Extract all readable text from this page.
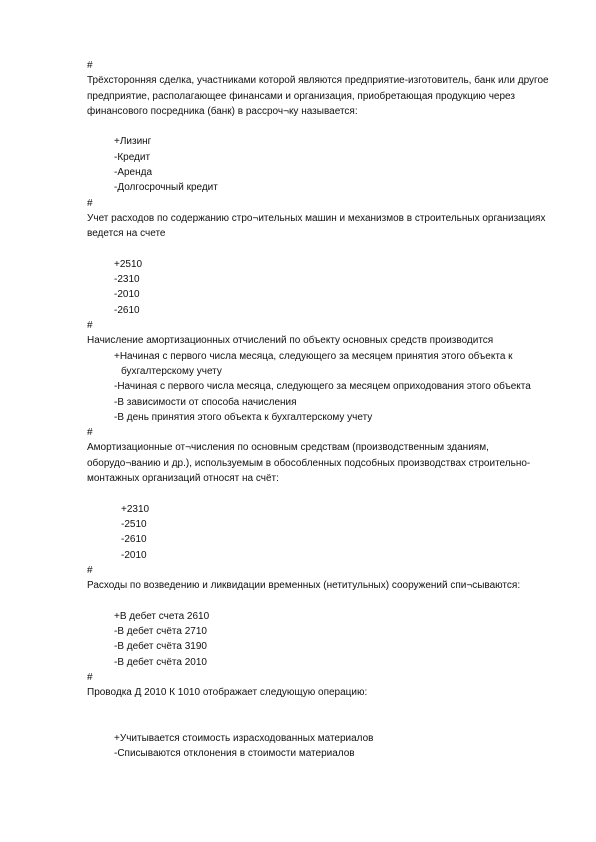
#
Трёхсторонняя сделка, участниками которой являются предприятие-изготовитель, банк или другое предприятие, располагающее финансами и организация, приобретающая продукцию через финансового посредника (банк) в рассроч¬ку называется:
+Лизинг
-Кредит
-Аренда
-Долгосрочный кредит
#
Учет расходов по содержанию стро¬ительных машин и механизмов в строительных организациях ведется на счете
+2510
-2310
-2010
-2610
#
Начисление амортизационных отчислений по объекту основных средств производится
+Начиная с первого числа месяца, следующего за месяцем принятия этого объекта к
бухгалтерскому учету
-Начиная с первого числа месяца, следующего за месяцем оприходования этого объекта
-В зависимости от способа начисления
-В день принятия этого объекта к бухгалтерскому учету
#
Амортизационные от¬числения по основным средствам (производственным зданиям, оборудо¬ванию и др.), используемым в обособленных подсобных производствах строительно-монтажных организаций относят на счёт:
+2310
-2510
-2610
-2010
#
Расходы по возведению и ликвидации временных (нетитульных) сооружений спи¬сываются:
+В дебет счета 2610
-В дебет счёта 2710
-В дебет счёта 3190
-В дебет счёта 2010
#
Проводка Д 2010 К 1010 отображает следующую операцию:
+Учитывается стоимость израсходованных материалов
-Списываются отклонения в стоимости материалов
